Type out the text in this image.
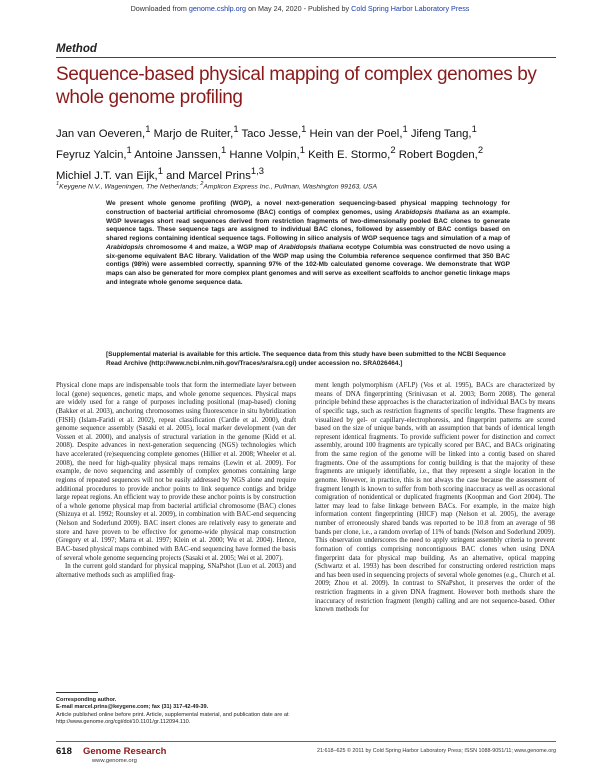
Downloaded from genome.cshlp.org on May 24, 2020 - Published by Cold Spring Harbor Laboratory Press
Method
Sequence-based physical mapping of complex genomes by whole genome profiling
Jan van Oeveren,$^1$ Marjo de Ruiter,$^1$ Taco Jesse,$^1$ Hein van der Poel,$^1$ Jifeng Tang,$^1$
Feyruz Yalcin,$^1$ Antoine Janssen,$^1$ Hanne Volpin,$^1$ Keith E. Stormo,$^2$ Robert Bogden,$^2$
Michiel J.T. van Eijk,$^1$ and Marcel Prins$^{1,3}$
$^1$Keygene N.V., Wageningen, The Netherlands; $^2$Amplicon Express Inc., Pullman, Washington 99163, USA
We present whole genome profiling (WGP), a novel next-generation sequencing-based physical mapping technology for construction of bacterial artificial chromosome (BAC) contigs of complex genomes, using Arabidopsis thaliana as an example. WGP leverages short read sequences derived from restriction fragments of two-dimensionally pooled BAC clones to generate sequence tags. These sequence tags are assigned to individual BAC clones, followed by assembly of BAC contigs based on shared regions containing identical sequence tags. Following in silico analysis of WGP sequence tags and simulation of a map of Arabidopsis chromosome 4 and maize, a WGP map of Arabidopsis thaliana ecotype Columbia was constructed de novo using a six-genome equivalent BAC library. Validation of the WGP map using the Columbia reference sequence confirmed that 350 BAC contigs (98%) were assembled correctly, spanning 97% of the 102-Mb calculated genome coverage. We demonstrate that WGP maps can also be generated for more complex plant genomes and will serve as excellent scaffolds to anchor genetic linkage maps and integrate whole genome sequence data.
[Supplemental material is available for this article. The sequence data from this study have been submitted to the NCBI Sequence Read Archive (http://www.ncbi.nlm.nih.gov/Traces/sra/sra.cgi) under accession no. SRA026464.]

Physical clone maps are indispensable tools that form the intermediate layer between local (gene) sequences, genetic maps, and whole genome sequences. Physical maps are widely used for a range of purposes including positional (map-based) cloning (Bakker et al. 2003), anchoring chromosomes using fluorescence in situ hybridization (FISH) (Islam-Faridi et al. 2002), repeat classification (Cardle et al. 2000), draft genome sequence assembly (Sasaki et al. 2005), local marker development (van der Vossen et al. 2000), and analysis of structural variation in the genome (Kidd et al. 2008). Despite advances in next-generation sequencing (NGS) technologies which have accelerated (re)sequencing complete genomes (Hillier et al. 2008; Wheeler et al. 2008), the need for high-quality physical maps remains (Lewin et al. 2009). For example, de novo sequencing and assembly of complex genomes containing large regions of repeated sequences will not be easily addressed by NGS alone and require additional procedures to provide anchor points to link sequence contigs and bridge large repeat regions. An efficient way to provide these anchor points is by construction of a whole genome physical map from bacterial artificial chromosome (BAC) clones (Shizuya et al. 1992; Rounsley et al. 2009), in combination with BAC-end sequencing (Nelson and Soderlund 2009). BAC insert clones are relatively easy to generate and store and have proven to be effective for genome-wide physical map construction (Gregory et al. 1997; Marra et al. 1997; Klein et al. 2000; Wu et al. 2004). Hence, BAC-based physical maps combined with BAC-end sequencing have formed the basis of several whole genome sequencing projects (Sasaki et al. 2005; Wei et al. 2007).

In the current gold standard for physical mapping, SNaPshot (Luo et al. 2003) and alternative methods such as amplified frag-

Corresponding author.
E-mail marcel.prins@keygene.com; fax (31) 317-42-49-39.
Article published online before print. Article, supplemental material, and publication date are at http://www.genome.org/cgi/doi/10.1101/gr.112094.110.

ment length polymorphism (AFLP) (Vos et al. 1995), BACs are characterized by means of DNA fingerprinting (Srinivasan et al. 2003; Borm 2008). The general principle behind these approaches is the characterization of individual BACs by means of specific tags, such as restriction fragments of specific lengths. These fragments are visualized by gel- or capillary-electrophoresis, and fingerprint patterns are scored based on the size of unique bands, with an assumption that bands of identical length represent identical fragments. To provide sufficient power for distinction and correct assembly, around 100 fragments are typically scored per BAC, and BACs originating from the same region of the genome will be linked into a contig based on shared fragments. One of the assumptions for contig building is that the majority of these fragments are uniquely identifiable, i.e., that they represent a single location in the genome. However, in practice, this is not always the case because the assessment of fragment length is known to suffer from both scoring inaccuracy as well as occasional comigration of nonidentical or duplicated fragments (Koopman and Gort 2004). The latter may lead to false linkage between BACs. For example, in the maize high information content fingerprinting (HICF) map (Nelson et al. 2005), the average number of erroneously shared bands was reported to be 10.8 from an average of 98 bands per clone, i.e., a random overlap of 11% of bands (Nelson and Soderlund 2009). This observation underscores the need to apply stringent assembly criteria to prevent formation of contigs comprising noncontiguous BAC clones when using DNA fingerprint data for physical map building. As an alternative, optical mapping (Schwartz et al. 1993) has been described for constructing ordered restriction maps and has been used in sequencing projects of several whole genomes (e.g., Church et al. 2009; Zhou et al. 2009). In contrast to SNaPshot, it preserves the order of the restriction fragments in a given DNA fragment. However both methods share the inaccuracy of restriction fragment (length) calling and are not sequence-based. Other known methods for

618 Genome Research
www.genome.org
21:618–625 © 2011 by Cold Spring Harbor Laboratory Press; ISSN 1088-9051/11; www.genome.org
